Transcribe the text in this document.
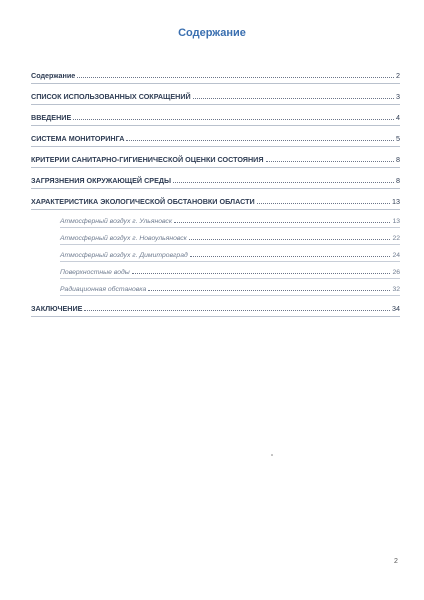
Содержание
Содержание	2
СПИСОК ИСПОЛЬЗОВАННЫХ СОКРАЩЕНИЙ	3
ВВЕДЕНИЕ	4
СИСТЕМА МОНИТОРИНГА	5
КРИТЕРИИ САНИТАРНО-ГИГИЕНИЧЕСКОЙ ОЦЕНКИ СОСТОЯНИЯ	8
ЗАГРЯЗНЕНИЯ ОКРУЖАЮЩЕЙ СРЕДЫ	8
ХАРАКТЕРИСТИКА ЭКОЛОГИЧЕСКОЙ ОБСТАНОВКИ ОБЛАСТИ	13
Атмосферный воздух г. Ульяновск	13
Атмосферный воздух г. Новоульяновск	22
Атмосферный воздух г. Димитровград	24
Поверхностные воды	26
Радиационная обстановка	32
ЗАКЛЮЧЕНИЕ	34
2
